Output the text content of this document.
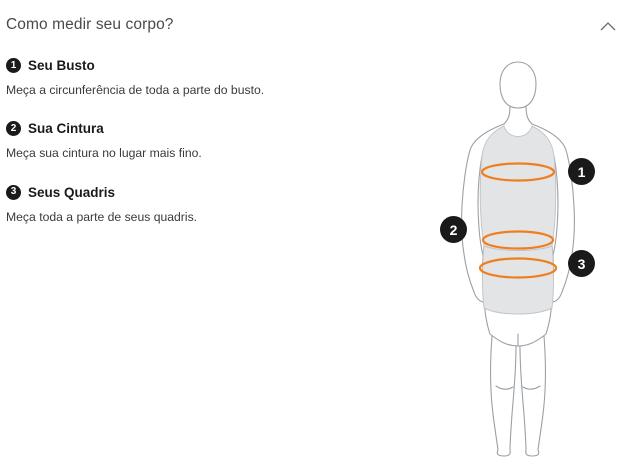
Como medir seu corpo?
1 Seu Busto
Meça a circunferência de toda a parte do busto.
2 Sua Cintura
Meça sua cintura no lugar mais fino.
3 Seus Quadris
Meça toda a parte de seus quadris.
1
2
3
